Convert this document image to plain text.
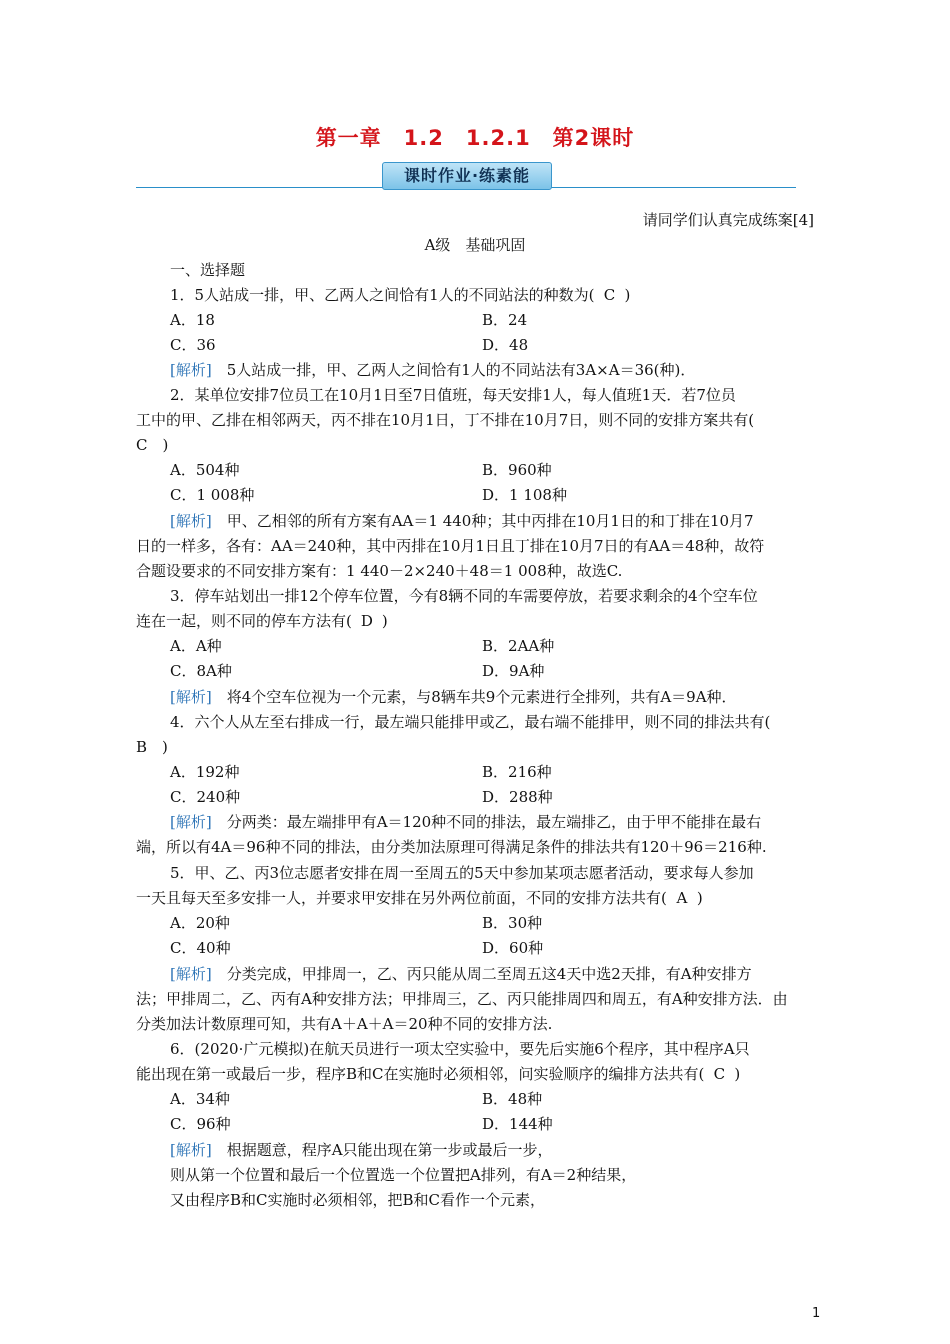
第一章　1.2　1.2.1　第2课时
课时作业·练素能
请同学们认真完成练案[4]
A级　基础巩固
一、选择题
1．5人站成一排，甲、乙两人之间恰有1人的不同站法的种数为( C )
A．18	B．24
C．36	D．48
[解析]　5人站成一排，甲、乙两人之间恰有1人的不同站法有3A×A＝36(种)．
2．某单位安排7位员工在10月1日至7日值班，每天安排1人，每人值班1天．若7位员
工中的甲、乙排在相邻两天，丙不排在10月1日，丁不排在10月7日，则不同的安排方案共有(
C　 )
A．504种	B．960种
C．1 008种	D．1 108种
[解析]　甲、乙相邻的所有方案有AA＝1 440种；其中丙排在10月1日的和丁排在10月7
日的一样多，各有：AA＝240种，其中丙排在10月1日且丁排在10月7日的有AA＝48种，故符
合题设要求的不同安排方案有：1 440－2×240＋48＝1 008种，故选C.
3．停车站划出一排12个停车位置，今有8辆不同的车需要停放，若要求剩余的4个空车位
连在一起，则不同的停车方法有( D )
A．A种	B．2AA种
C．8A种	D．9A种
[解析]　将4个空车位视为一个元素，与8辆车共9个元素进行全排列，共有A＝9A种．
4．六个人从左至右排成一行，最左端只能排甲或乙，最右端不能排甲，则不同的排法共有(
B　 )
A．192种	B．216种
C．240种	D．288种
[解析]　分两类：最左端排甲有A＝120种不同的排法，最左端排乙，由于甲不能排在最右
端，所以有4A＝96种不同的排法，由分类加法原理可得满足条件的排法共有120＋96＝216种.
5．甲、乙、丙3位志愿者安排在周一至周五的5天中参加某项志愿者活动，要求每人参加
一天且每天至多安排一人，并要求甲安排在另外两位前面，不同的安排方法共有( A )
A．20种	B．30种
C．40种	D．60种
[解析]　分类完成，甲排周一，乙、丙只能从周二至周五这4天中选2天排，有A种安排方
法；甲排周二，乙、丙有A种安排方法；甲排周三，乙、丙只能排周四和周五，有A种安排方法．由
分类加法计数原理可知，共有A＋A＋A＝20种不同的安排方法.
6．(2020·广元模拟)在航天员进行一项太空实验中，要先后实施6个程序，其中程序A只
能出现在第一或最后一步，程序B和C在实施时必须相邻，问实验顺序的编排方法共有( C )
A．34种	B．48种
C．96种	D．144种
[解析]　根据题意，程序A只能出现在第一步或最后一步，
则从第一个位置和最后一个位置选一个位置把A排列，有A＝2种结果，
又由程序B和C实施时必须相邻，把B和C看作一个元素，
1
